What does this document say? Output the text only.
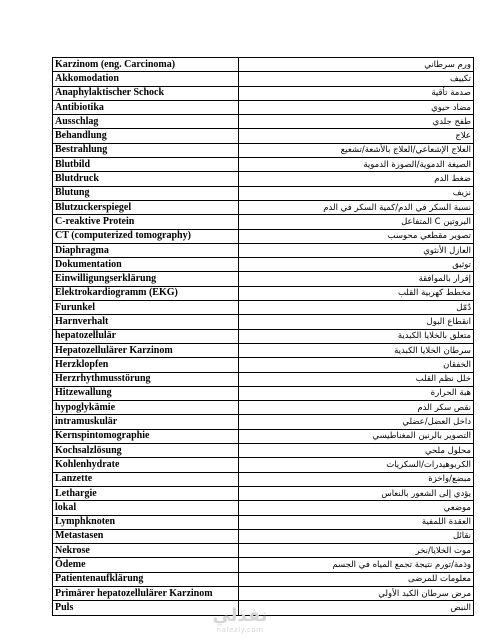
Karzinom (eng. Carcinoma)	ورم سرطاني
Akkomodation	تكييف
Anaphylaktischer Schock	صدمة تأقية
Antibiotika	مضاد حيوي
Ausschlag	طفح جلدي
Behandlung	علاج
Bestrahlung	العلاج الإشعاعي/العلاج بالأشعة/تشعيع
Blutbild	الصيغة الدموية/الصورة الدموية
Blutdruck	ضغط الدم
Blutung	نزيف
Blutzuckerspiegel	نسبة السكر في الدم/كمية السكر في الدم
C-reaktive Protein	البروتين C المتفاعل
CT (computerized tomography)	تصوير مقطعي محوسب
Diaphragma	العازل الأنثوي
Dokumentation	توثيق
Einwilligungserklärung	إقرار بالموافقة
Elektrokardiogramm (EKG)	مخطط كهربية القلب
Furunkel	دُمّل
Harnverhalt	انقطاع البول
hepatozellulär	متعلق بالخلايا الكبدية
Hepatozellulärer Karzinom	سرطان الخلايا الكبدية
Herzklopfen	الخفقان
Herzrhythmusstörung	خلل نظم القلب
Hitzewallung	هبة الحرارة
hypoglykämie	نقص سكر الدم
intramuskulär	داخل العضل/عضلي
Kernspintomographie	التصوير بالرنين المغناطيسي
Kochsalzlösung	محلول ملحي
Kohlenhydrate	الكربوهيدرات/السكريات
Lanzette	مبضع/واخزة
Lethargie	يؤدي إلى الشعور بالنعاس
lokal	موضعي
Lymphknoten	العقدة اللمفية
Metastasen	نقائل
Nekrose	موت الخلايا/نخر
Ödeme	وذمة/تورم نتيجة تجمع المياه في الجسم
Patientenaufklärung	معلومات للمرضى
Primärer hepatozellulärer Karzinom	مرض سرطان الكبد الأولي
Puls	النبض
نفذلي
nafezly.com
